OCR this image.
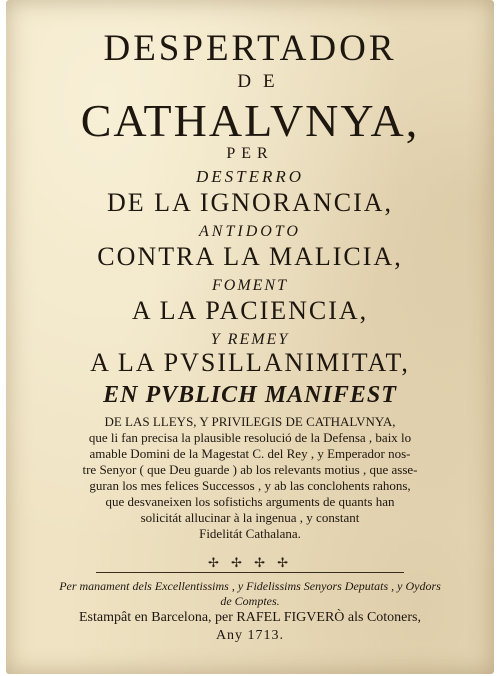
DESPERTADOR
DE
CATHALVNYA,
PER
DESTERRO
DE LA IGNORANCIA,
ANTIDOTO
CONTRA LA MALICIA,
FOMENT
A LA PACIENCIA,
Y REMEY
A LA PVSILLANIMITAT,
EN PVBLICH MANIFEST
DE LAS LLEYS, Y PRIVILEGIS DE CATHALVNYA,
que li fan precisa la plausible resolució de la Defensa , baix lo
amable Domini de la Magestat C. del Rey , y Emperador nos-
tre Senyor ( que Deu guarde ) ab los relevants motius , que asse-
guran los mes felices Successos , y ab las conclohents rahons,
que desvaneixen los sofistichs arguments de quants han
solicitát allucinar à la ingenua , y constant
Fidelitát Cathalana.
✢ ✢ ✢ ✢
Per manament dels Excellentissims , y Fidelissims Senyors Deputats , y Oydors
de Comptes.
Estampât en Barcelona, per RAFEL FIGVERÒ als Cotoners,
Any 1713.
